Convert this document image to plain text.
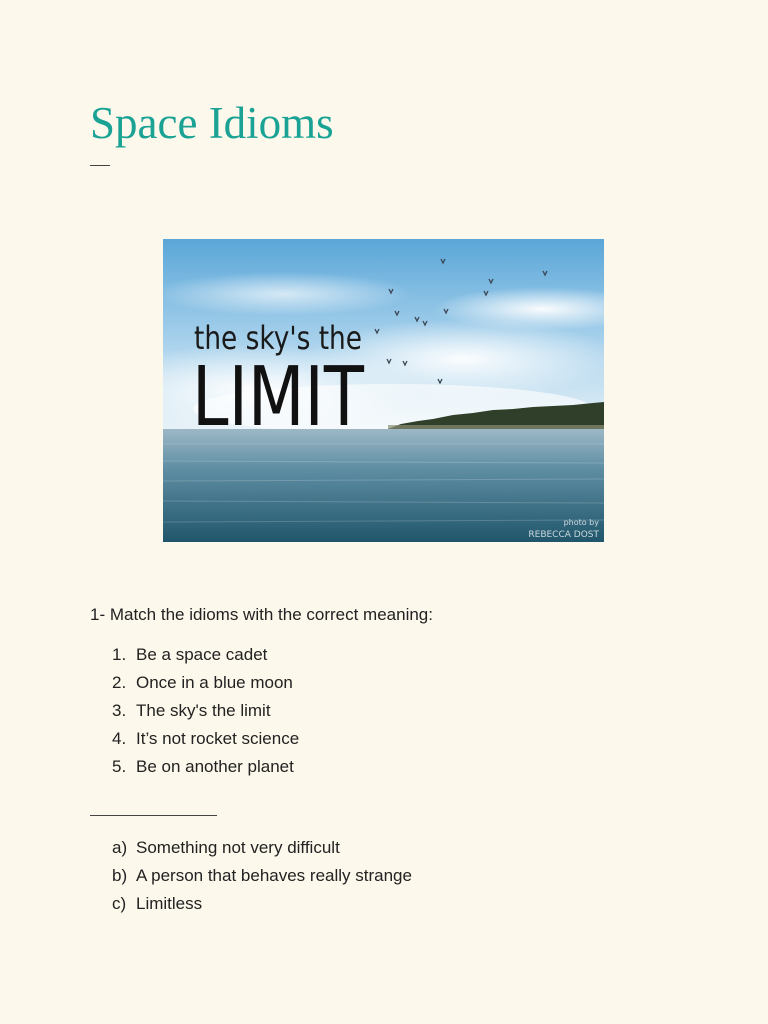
Space Idioms
the sky's the
LIMIT
photo by
REBECCA DOST

1- Match the idioms with the correct meaning:

1. Be a space cadet
2. Once in a blue moon
3. The sky's the limit
4. It’s not rocket science
5. Be on another planet
a) Something not very difficult
b) A person that behaves really strange
c) Limitless
